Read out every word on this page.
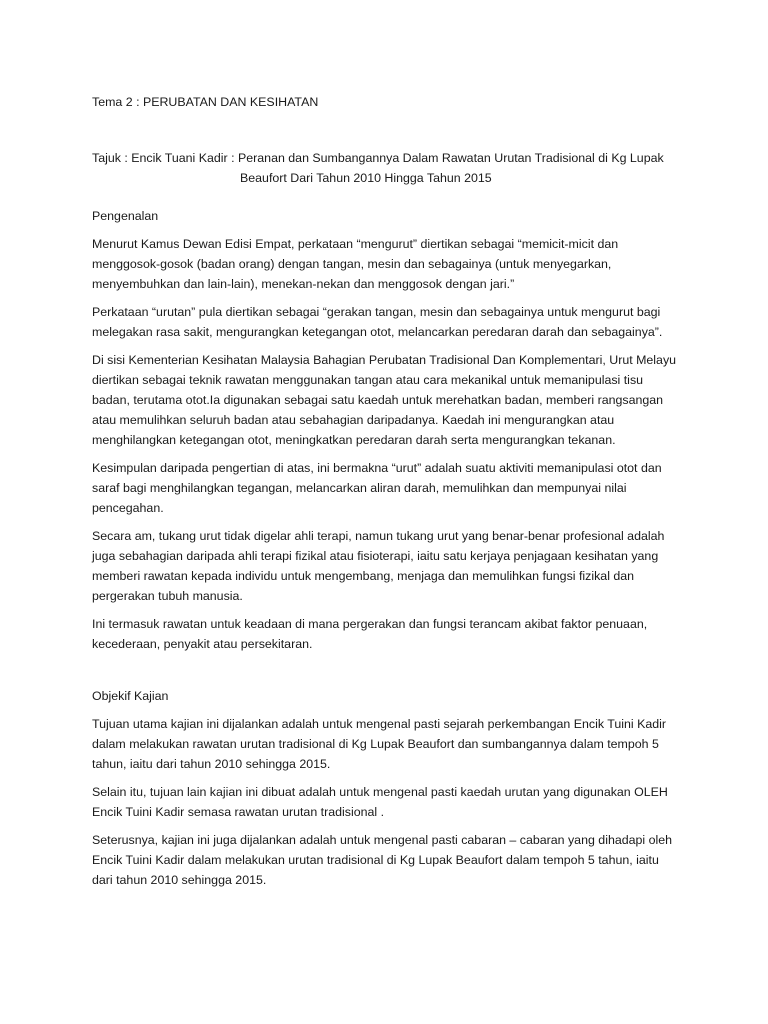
Tema 2 : PERUBATAN DAN KESIHATAN

Tajuk : Encik Tuani Kadir : Peranan dan Sumbangannya Dalam Rawatan Urutan Tradisional di Kg Lupak
Beaufort Dari Tahun 2010 Hingga Tahun 2015

Pengenalan

Menurut Kamus Dewan Edisi Empat, perkataan “mengurut” diertikan sebagai “memicit-micit dan menggosok-gosok (badan orang) dengan tangan, mesin dan sebagainya (untuk menyegarkan, menyembuhkan dan lain-lain), menekan-nekan dan menggosok dengan jari.”

Perkataan “urutan” pula diertikan sebagai “gerakan tangan, mesin dan sebagainya untuk mengurut bagi melegakan rasa sakit, mengurangkan ketegangan otot, melancarkan peredaran darah dan sebagainya”.

Di sisi Kementerian Kesihatan Malaysia Bahagian Perubatan Tradisional Dan Komplementari, Urut Melayu diertikan sebagai teknik rawatan menggunakan tangan atau cara mekanikal untuk memanipulasi tisu badan, terutama otot.Ia digunakan sebagai satu kaedah untuk merehatkan badan, memberi rangsangan atau memulihkan seluruh badan atau sebahagian daripadanya. Kaedah ini mengurangkan atau menghilangkan ketegangan otot, meningkatkan peredaran darah serta mengurangkan tekanan.

Kesimpulan daripada pengertian di atas, ini bermakna “urut” adalah suatu aktiviti memanipulasi otot dan saraf bagi menghilangkan tegangan, melancarkan aliran darah, memulihkan dan mempunyai nilai pencegahan.

Secara am, tukang urut tidak digelar ahli terapi, namun tukang urut yang benar-benar profesional adalah juga sebahagian daripada ahli terapi fizikal atau fisioterapi, iaitu satu kerjaya penjagaan kesihatan yang memberi rawatan kepada individu untuk mengembang, menjaga dan memulihkan fungsi fizikal dan pergerakan tubuh manusia.

Ini termasuk rawatan untuk keadaan di mana pergerakan dan fungsi terancam akibat faktor penuaan, kecederaan, penyakit atau persekitaran.

Objekif Kajian

Tujuan utama kajian ini dijalankan adalah untuk mengenal pasti sejarah perkembangan Encik Tuini Kadir dalam melakukan rawatan urutan tradisional di Kg Lupak Beaufort dan sumbangannya dalam tempoh 5 tahun, iaitu dari tahun 2010 sehingga 2015.

Selain itu, tujuan lain kajian ini dibuat adalah untuk mengenal pasti kaedah urutan yang digunakan OLEH Encik Tuini Kadir semasa rawatan urutan tradisional .

Seterusnya, kajian ini juga dijalankan adalah untuk mengenal pasti cabaran – cabaran yang dihadapi oleh Encik Tuini Kadir dalam melakukan urutan tradisional di Kg Lupak Beaufort dalam tempoh 5 tahun, iaitu dari tahun 2010 sehingga 2015.
